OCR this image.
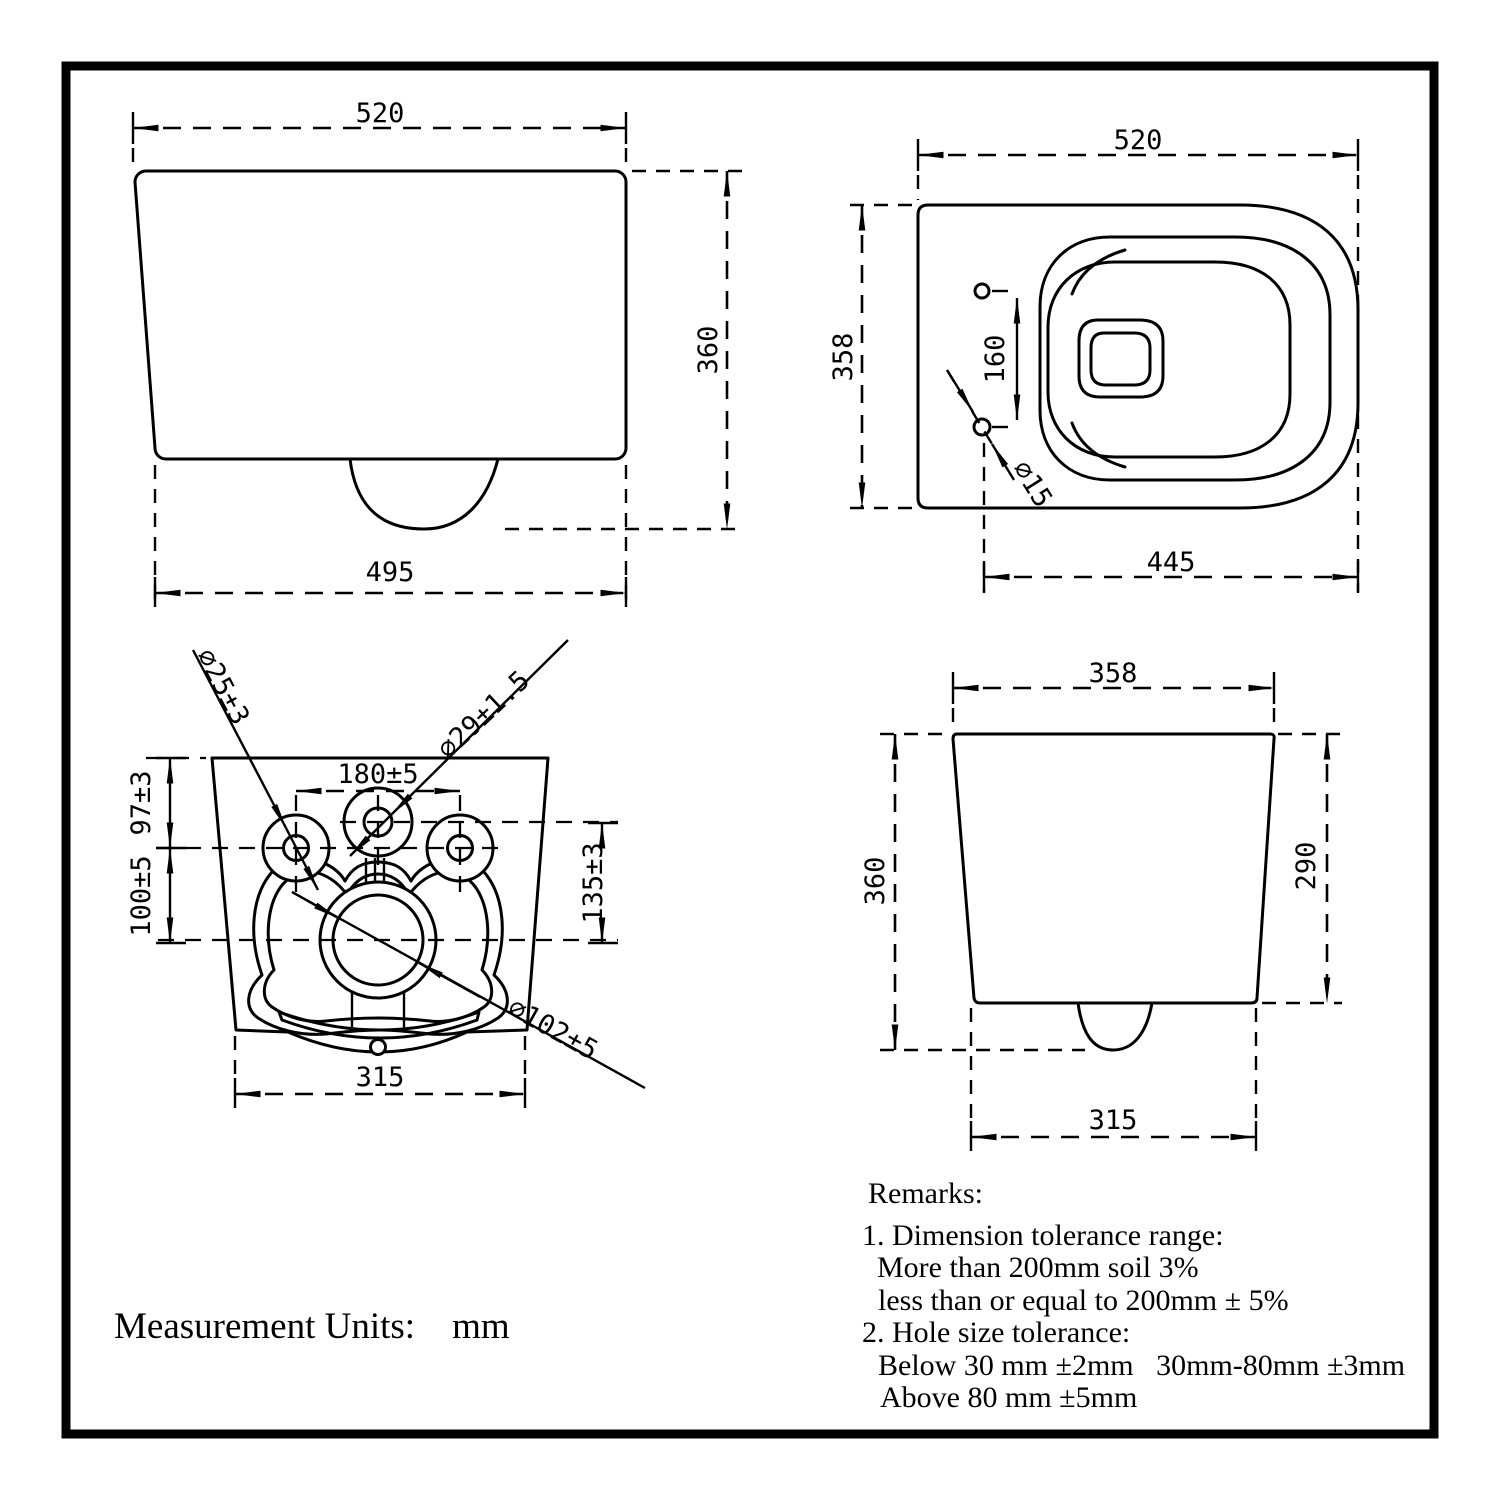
520
360
495
160
⌀15
520
358
445
⌀25±3	⌀29±1.5
⌀102±5
180±5
97±3
100±5	135±3
315
358
360	290
315
Measurement Units:    mm
Remarks:
1. Dimension tolerance range:
More than 200mm soil 3%
less than or equal to 200mm ± 5%
2. Hole size tolerance:
Below 30 mm ±2mm   30mm-80mm ±3mm
Above 80 mm ±5mm
